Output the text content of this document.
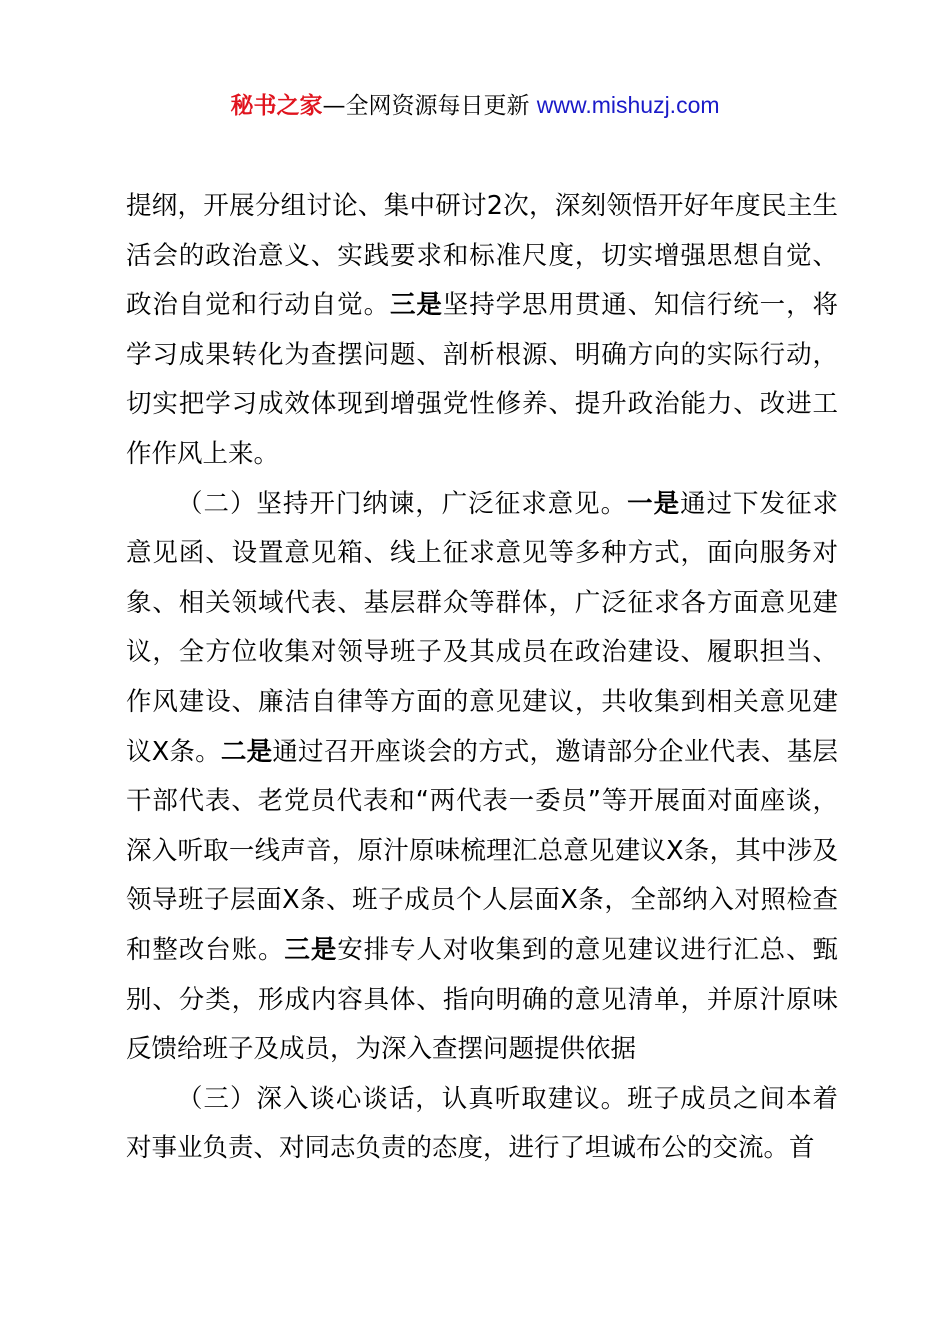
秘书之家—全网资源每日更新 www.mishuzj.com

提纲，开展分组讨论、集中研讨2次，深刻领悟开好年度民主生活会的政治意义、实践要求和标准尺度，切实增强思想自觉、政治自觉和行动自觉。三是坚持学思用贯通、知信行统一，将学习成果转化为查摆问题、剖析根源、明确方向的实际行动，切实把学习成效体现到增强党性修养、提升政治能力、改进工作作风上来。

（二）坚持开门纳谏，广泛征求意见。一是通过下发征求意见函、设置意见箱、线上征求意见等多种方式，面向服务对象、相关领域代表、基层群众等群体，广泛征求各方面意见建议，全方位收集对领导班子及其成员在政治建设、履职担当、作风建设、廉洁自律等方面的意见建议，共收集到相关意见建议X条。二是通过召开座谈会的方式，邀请部分企业代表、基层干部代表、老党员代表和“两代表一委员”等开展面对面座谈，深入听取一线声音，原汁原味梳理汇总意见建议X条，其中涉及领导班子层面X条、班子成员个人层面X条，全部纳入对照检查和整改台账。三是安排专人对收集到的意见建议进行汇总、甄别、分类，形成内容具体、指向明确的意见清单，并原汁原味反馈给班子及成员，为深入查摆问题提供依据

（三）深入谈心谈话，认真听取建议。班子成员之间本着对事业负责、对同志负责的态度，进行了坦诚布公的交流。首
